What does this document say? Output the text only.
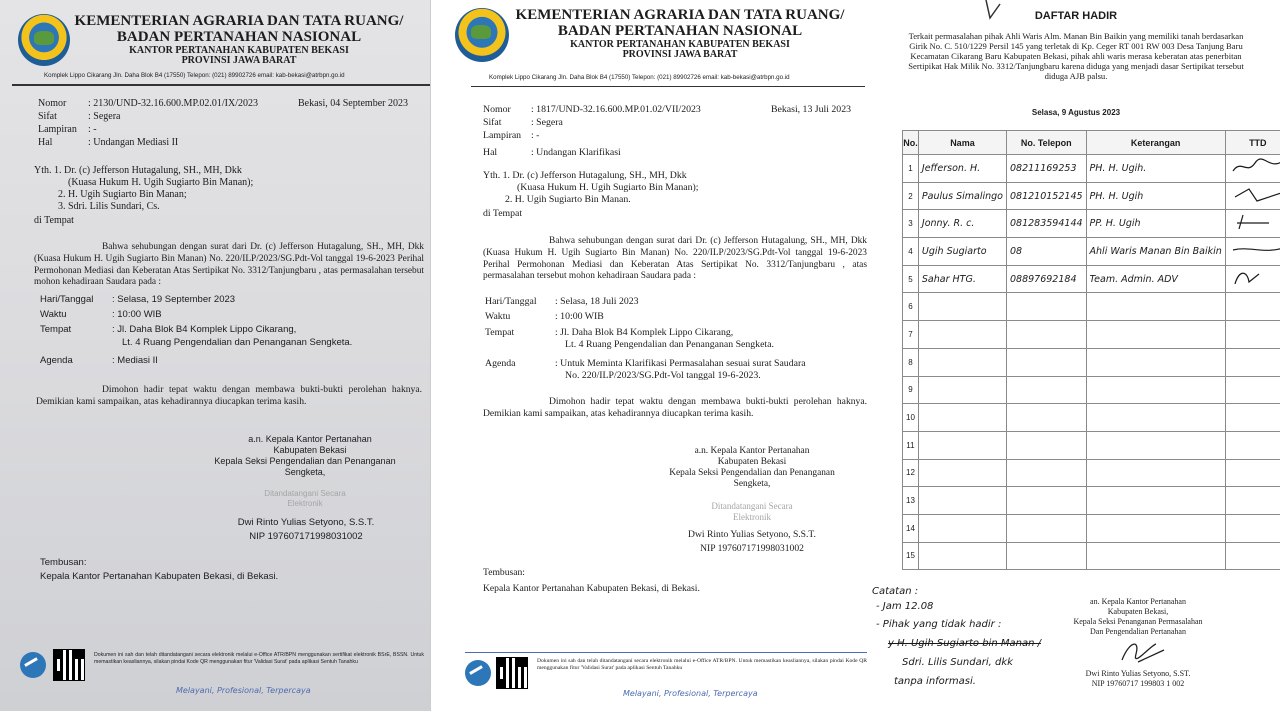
KEMENTERIAN AGRARIA DAN TATA RUANG/
BADAN PERTANAHAN NASIONAL
KANTOR PERTANAHAN KABUPATEN BEKASI
PROVINSI JAWA BARAT
Komplek Lippo Cikarang Jln. Daha Blok B4 (17550) Telepon: (021) 89902726 email: kab-bekasi@atrbpn.go.id
Nomor : 2130/UND-32.16.600.MP.02.01/IX/2023	Bekasi, 04 September 2023
Sifat	: Segera
Lampiran : -
Hal	: Undangan Mediasi II
Yth. 1. Dr. (c) Jefferson Hutagalung, SH., MH, Dkk
(Kuasa Hukum H. Ugih Sugiarto Bin Manan);
2. H. Ugih Sugiarto Bin Manan;
3. Sdri. Lilis Sundari, Cs.
di Tempat
Bahwa sehubungan dengan surat dari Dr. (c) Jefferson Hutagalung, SH., MH, Dkk (Kuasa Hukum H. Ugih Sugiarto Bin Manan) No. 220/ILP/2023/SG.Pdt-Vol tanggal 19-6-2023 Perihal Permohonan Mediasi dan Keberatan Atas Sertipikat No. 3312/Tanjungbaru , atas permasalahan tersebut mohon kehadiraan Saudara pada :
Hari/Tanggal : Selasa, 19 September 2023
Waktu	: 10:00 WIB
Tempat	: Jl. Daha Blok B4 Komplek Lippo Cikarang,
Lt. 4 Ruang Pengendalian dan Penanganan Sengketa.
Agenda	: Mediasi II
Dimohon hadir tepat waktu dengan membawa bukti-bukti perolehan haknya. Demikian kami sampaikan, atas kehadirannya diucapkan terima kasih.
a.n. Kepala Kantor Pertanahan
Kabupaten Bekasi
Kepala Seksi Pengendalian dan Penanganan
Sengketa,
Ditandatangani Secara
Elektronik
Dwi Rinto Yulias Setyono, S.S.T.
NIP 197607171998031002
Tembusan:
Kepala Kantor Pertanahan Kabupaten Bekasi, di Bekasi.
Dokumen ini sah dan telah ditandatangani secara elektronik melalui e-Office ATR/BPN menggunakan sertifikat elektronik BSrE, BSSN. Untuk memastikan keasliannya, silakan pindai Kode QR menggunakan fitur 'Validasi Surat' pada aplikasi Sentuh Tanahku
Melayani, Profesional, Terpercaya
KEMENTERIAN AGRARIA DAN TATA RUANG/
BADAN PERTANAHAN NASIONAL
KANTOR PERTANAHAN KABUPATEN BEKASI
PROVINSI JAWA BARAT
Komplek Lippo Cikarang Jln. Daha Blok B4 (17550) Telepon: (021) 89902726 email: kab-bekasi@atrbpn.go.id
Nomor : 1817/UND-32.16.600.MP.01.02/VII/2023	Bekasi, 13 Juli 2023
Sifat	: Segera
Lampiran : -
Hal	: Undangan Klarifikasi
Yth. 1. Dr. (c) Jefferson Hutagalung, SH., MH, Dkk
(Kuasa Hukum H. Ugih Sugiarto Bin Manan);
2. H. Ugih Sugiarto Bin Manan.
di Tempat
Bahwa sehubungan dengan surat dari Dr. (c) Jefferson Hutagalung, SH., MH, Dkk (Kuasa Hukum H. Ugih Sugiarto Bin Manan) No. 220/ILP/2023/SG.Pdt-Vol tanggal 19-6-2023 Perihal Permohonan Mediasi dan Keberatan Atas Sertipikat No. 3312/Tanjungbaru , atas permasalahan tersebut mohon kehadiraan Saudara pada :
Hari/Tanggal : Selasa, 18 Juli 2023
Waktu	: 10:00 WIB
Tempat	: Jl. Daha Blok B4 Komplek Lippo Cikarang,
Lt. 4 Ruang Pengendalian dan Penanganan Sengketa.
Agenda	: Untuk Meminta Klarifikasi Permasalahan sesuai surat Saudara
No. 220/ILP/2023/SG.Pdt-Vol tanggal 19-6-2023.
Dimohon hadir tepat waktu dengan membawa bukti-bukti perolehan haknya. Demikian kami sampaikan, atas kehadirannya diucapkan terima kasih.
a.n. Kepala Kantor Pertanahan
Kabupaten Bekasi
Kepala Seksi Pengendalian dan Penanganan
Sengketa,
Ditandatangani Secara
Elektronik
Dwi Rinto Yulias Setyono, S.S.T.
NIP 197607171998031002
Tembusan:
Kepala Kantor Pertanahan Kabupaten Bekasi, di Bekasi.
Dokumen ini sah dan telah ditandatangani secara elektronik melalui e-Office ATR/BPN. Untuk memastikan keasliannya, silakan pindai Kode QR menggunakan fitur 'Validasi Surat' pada aplikasi Sentuh Tanahku
Melayani, Profesional, Terpercaya
DAFTAR HADIR
Terkait permasalahan pihak Ahli Waris Alm. Manan Bin Baikin yang memiliki tanah berdasarkan Girik No. C. 510/1229 Persil 145 yang terletak di Kp. Ceger RT 001 RW 003 Desa Tanjung Baru Kecamatan Cikarang Baru Kabupaten Bekasi, pihak ahli waris merasa keberatan atas penerbitan Sertipikat Hak Milik No. 3312/Tanjungbaru karena diduga yang menjadi dasar Sertipikat tersebut diduga AJB palsu.
Selasa, 9 Agustus 2023
No.	Nama	No. Telepon	Keterangan	TTD
1	Jefferson. H.	08211169253	PH. H. Ugih.	
2	Paulus Simalingo	081210152145	PH. H. Ugih	
3	Jonny. R. c.	081283594144	PP. H. Ugih	
4	Ugih Sugiarto	08	Ahli Waris Manan Bin Baikin	
5	Sahar HTG.	08897692184	Team. Admin. ADV	
6				
7				
8				
9				
10				
11				
12				
13				
14				
15				
Catatan :
- Jam 12.08
- Pihak yang tidak hadir :
y H. Ugih Sugiarto bin Manan /
Sdri. Lilis Sundari, dkk
tanpa informasi.
an. Kepala Kantor Pertanahan
Kabupaten Bekasi,
Kepala Seksi Penanganan Permasalahan
Dan Pengendalian Pertanahan
Dwi Rinto Yulias Setyono, S.ST.
NIP 19760717 199803 1 002
